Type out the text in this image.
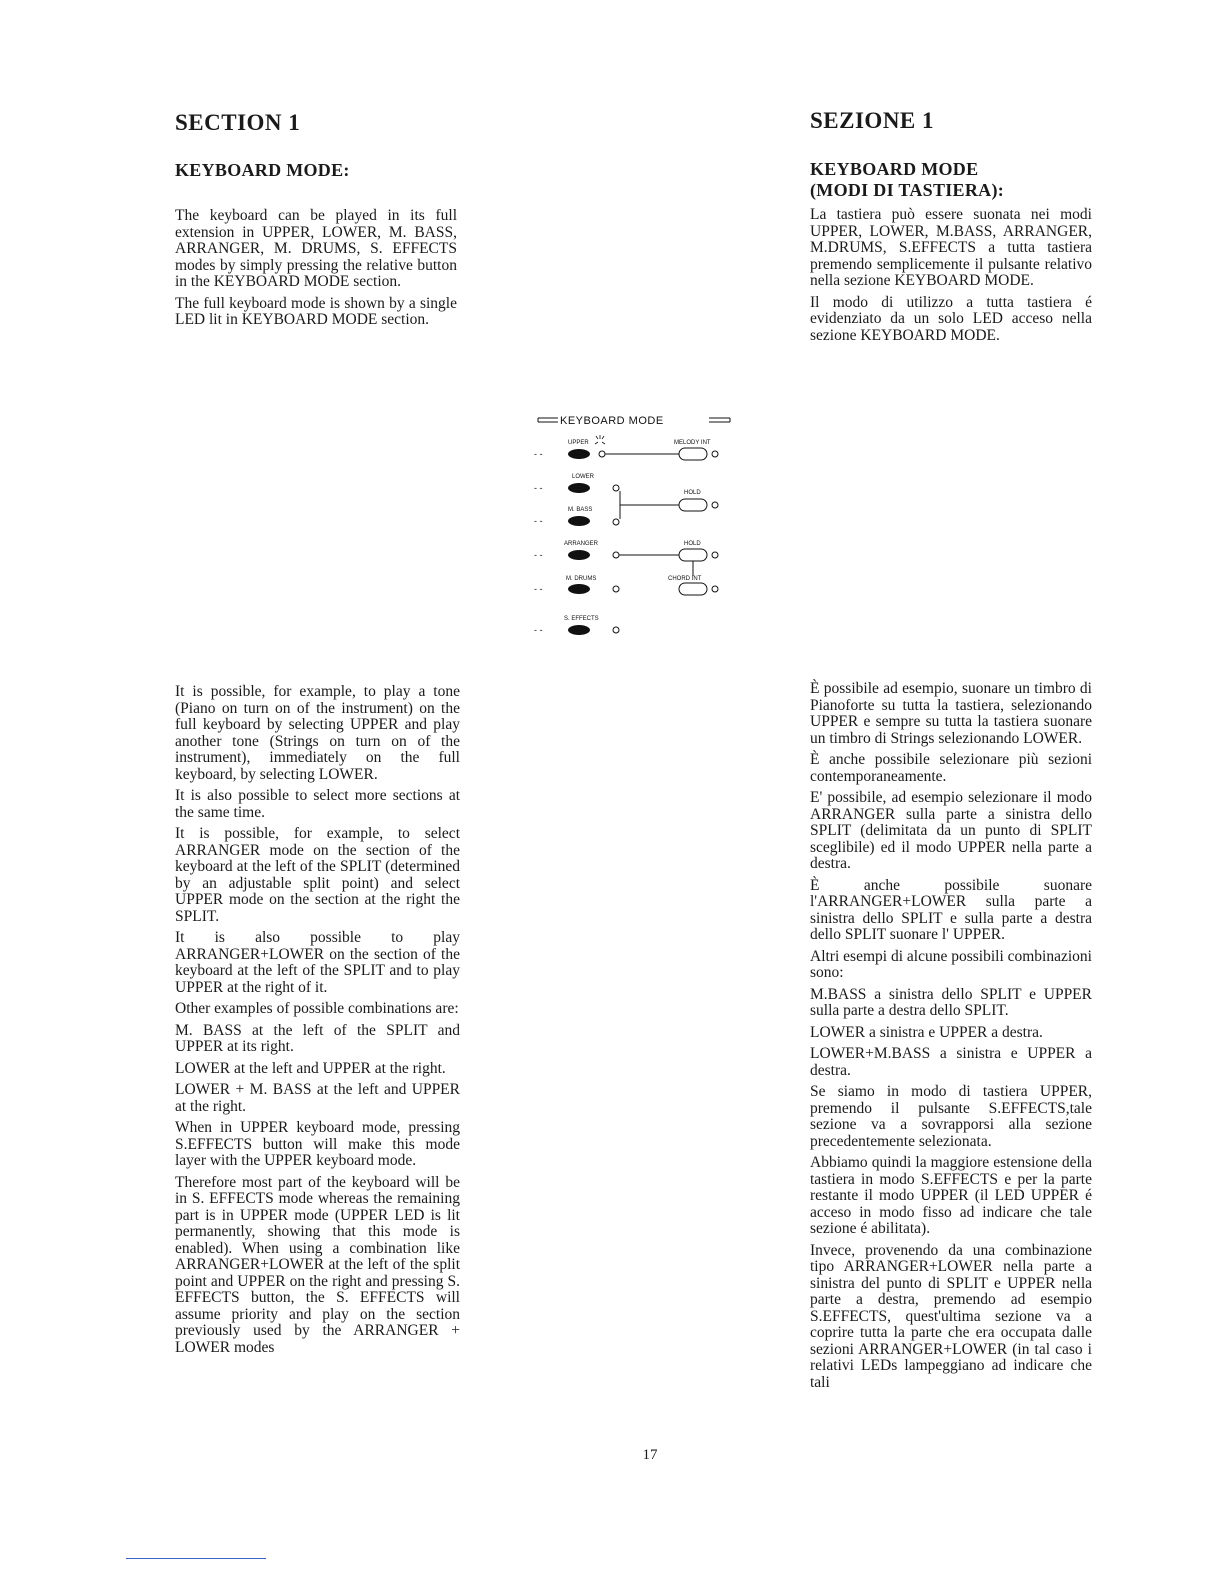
SECTION 1
KEYBOARD MODE:

The keyboard can be played in its full extension in UPPER, LOWER, M. BASS, ARRANGER, M. DRUMS, S. EFFECTS modes by simply pressing the relative button in the KEYBOARD MODE section.

The full keyboard mode is shown by a single LED lit in KEYBOARD MODE section.

SEZIONE 1
KEYBOARD MODE
(MODI DI TASTIERA):

La tastiera può essere suonata nei modi UPPER, LOWER, M.BASS, ARRANGER, M.DRUMS, S.EFFECTS a tutta tastiera premendo semplicemente il pulsante relativo nella sezione KEYBOARD MODE.

Il modo di utilizzo a tutta tastiera é evidenziato da un solo LED acceso nella sezione KEYBOARD MODE.

KEYBOARD MODE
UPPER	MELODY INT
- -
LOWER
- -
M. BASS
- -
HOLD
ARRANGER	HOLD
- -
M. DRUMS	CHORD INT
- -
S. EFFECTS
- -

It is possible, for example, to play a tone (Piano on turn on of the instrument) on the full keyboard by selecting UPPER and play another tone (Strings on turn on of the instrument), immediately on the full keyboard, by selecting LOWER.

It is also possible to select more sections at the same time.

It is possible, for example, to select ARRANGER mode on the section of the keyboard at the left of the SPLIT (determined by an adjustable split point) and select UPPER mode on the section at the right the SPLIT.

It is also possible to play ARRANGER+LOWER on the section of the keyboard at the left of the SPLIT and to play UPPER at the right of it.

Other examples of possible combinations are:

M. BASS at the left of the SPLIT and UPPER at its right.

LOWER at the left and UPPER at the right.

LOWER + M. BASS at the left and UPPER at the right.

When in UPPER keyboard mode, pressing S.EFFECTS button will make this mode layer with the UPPER keyboard mode.

Therefore most part of the keyboard will be in S. EFFECTS mode whereas the remaining part is in UPPER mode (UPPER LED is lit permanently, showing that this mode is enabled). When using a combination like ARRANGER+LOWER at the left of the split point and UPPER on the right and pressing S. EFFECTS button, the S. EFFECTS will assume priority and play on the section previously used by the ARRANGER + LOWER modes

È possibile ad esempio, suonare un timbro di Pianoforte su tutta la tastiera, selezionando UPPER e sempre su tutta la tastiera suonare un timbro di Strings selezionando LOWER.

È anche possibile selezionare più sezioni contemporaneamente.

E' possibile, ad esempio selezionare il modo ARRANGER sulla parte a sinistra dello SPLIT (delimitata da un punto di SPLIT sceglibile) ed il modo UPPER nella parte a destra.

È anche possibile suonare l'ARRANGER+LOWER sulla parte a sinistra dello SPLIT e sulla parte a destra dello SPLIT suonare l' UPPER.

Altri esempi di alcune possibili combinazioni sono:

M.BASS a sinistra dello SPLIT e UPPER sulla parte a destra dello SPLIT.

LOWER a sinistra e UPPER a destra.

LOWER+M.BASS a sinistra e UPPER a destra.

Se siamo in modo di tastiera UPPER, premendo il pulsante S.EFFECTS,tale sezione va a sovrapporsi alla sezione precedentemente selezionata.

Abbiamo quindi la maggiore estensione della tastiera in modo S.EFFECTS e per la parte restante il modo UPPER (il LED UPPER é acceso in modo fisso ad indicare che tale sezione é abilitata).

Invece, provenendo da una combinazione tipo ARRANGER+LOWER nella parte a sinistra del punto di SPLIT e UPPER nella parte a destra, premendo ad esempio S.EFFECTS, quest'ultima sezione va a coprire tutta la parte che era occupata dalle sezioni ARRANGER+LOWER (in tal caso i relativi LEDs lampeggiano ad indicare che tali

17
